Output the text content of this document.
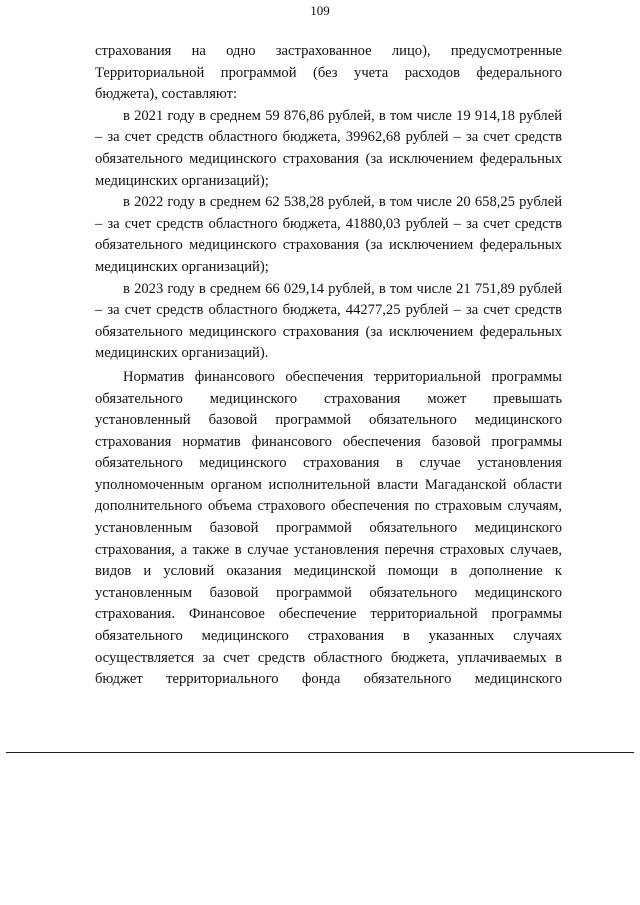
109

страхования на одно застрахованное лицо), предусмотренные Территориальной программой (без учета расходов федерального бюджета), составляют:

в 2021 году в среднем 59 876,86 рублей, в том числе 19 914,18 рублей – за счет средств областного бюджета, 39962,68 рублей – за счет средств обязательного медицинского страхования (за исключением федеральных медицинских организаций);

в 2022 году в среднем 62 538,28 рублей, в том числе 20 658,25 рублей – за счет средств областного бюджета, 41880,03 рублей – за счет средств обязательного медицинского страхования (за исключением федеральных медицинских организаций);

в 2023 году в среднем 66 029,14 рублей, в том числе 21 751,89 рублей – за счет средств областного бюджета, 44277,25 рублей – за счет средств обязательного медицинского страхования (за исключением федеральных медицинских организаций).

Норматив финансового обеспечения территориальной программы обязательного медицинского страхования может превышать установленный базовой программой обязательного медицинского страхования норматив финансового обеспечения базовой программы обязательного медицинского страхования в случае установления уполномоченным органом исполнительной власти Магаданской области дополнительного объема страхового обеспечения по страховым случаям, установленным базовой программой обязательного медицинского страхования, а также в случае установления перечня страховых случаев, видов и условий оказания медицинской помощи в дополнение к установленным базовой программой обязательного медицинского страхования. Финансовое обеспечение территориальной программы обязательного медицинского страхования в указанных случаях осуществляется за счет средств областного бюджета, уплачиваемых в бюджет территориального фонда обязательного медицинского
